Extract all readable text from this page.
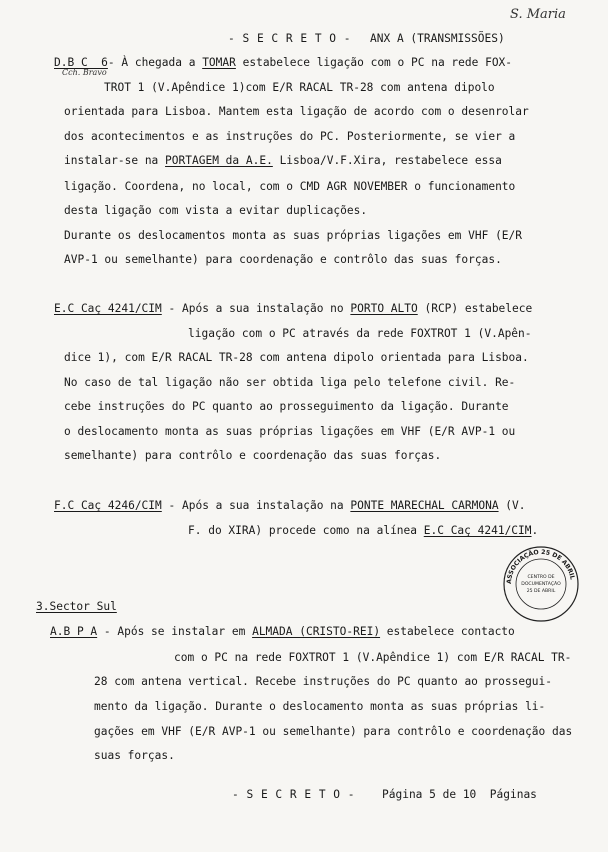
S. Maria
- S E C R E T O - ANX A (TRANSMISSÕES)
D.B C  6- À chegada a TOMAR estabelece ligação com o PC na rede FOX-
Cch. Bravo
TROT 1 (V.Apêndice 1)com E/R RACAL TR-28 com antena dipolo
orientada para Lisboa. Mantem esta ligação de acordo com o desenrolar
dos acontecimentos e as instruções do PC. Posteriormente, se vier a
instalar-se na PORTAGEM da A.E. Lisboa/V.F.Xira, restabelece essa
ligação. Coordena, no local, com o CMD AGR NOVEMBER o funcionamento
desta ligação com vista a evitar duplicações.
Durante os deslocamentos monta as suas próprias ligações em VHF (E/R
AVP-1 ou semelhante) para coordenação e contrôlo das suas forças.
E.C Caç 4241/CIM - Após a sua instalação no PORTO ALTO (RCP) estabelece
ligação com o PC através da rede FOXTROT 1 (V.Apên-
dice 1), com E/R RACAL TR-28 com antena dipolo orientada para Lisboa.
No caso de tal ligação não ser obtida liga pelo telefone civil. Re-
cebe instruções do PC quanto ao prosseguimento da ligação. Durante
o deslocamento monta as suas próprias ligações em VHF (E/R AVP-1 ou
semelhante) para contrôlo e coordenação das suas forças.
F.C Caç 4246/CIM - Após a sua instalação na PONTE MARECHAL CARMONA (V.
F. do XIRA) procede como na alínea E.C Caç 4241/CIM.
ASSOCIAÇÃO 25 DE ABRIL
CENTRO DE
DOCUMENTAÇÃO
25 DE ABRIL
3.Sector Sul
A.B P A - Após se instalar em ALMADA (CRISTO-REI) estabelece contacto
com o PC na rede FOXTROT 1 (V.Apêndice 1) com E/R RACAL TR-
28 com antena vertical. Recebe instruções do PC quanto ao prossegui-
mento da ligação. Durante o deslocamento monta as suas próprias li-
gações em VHF (E/R AVP-1 ou semelhante) para contrôlo e coordenação das
suas forças.
- S E C R E T O - Página 5 de 10  Páginas
